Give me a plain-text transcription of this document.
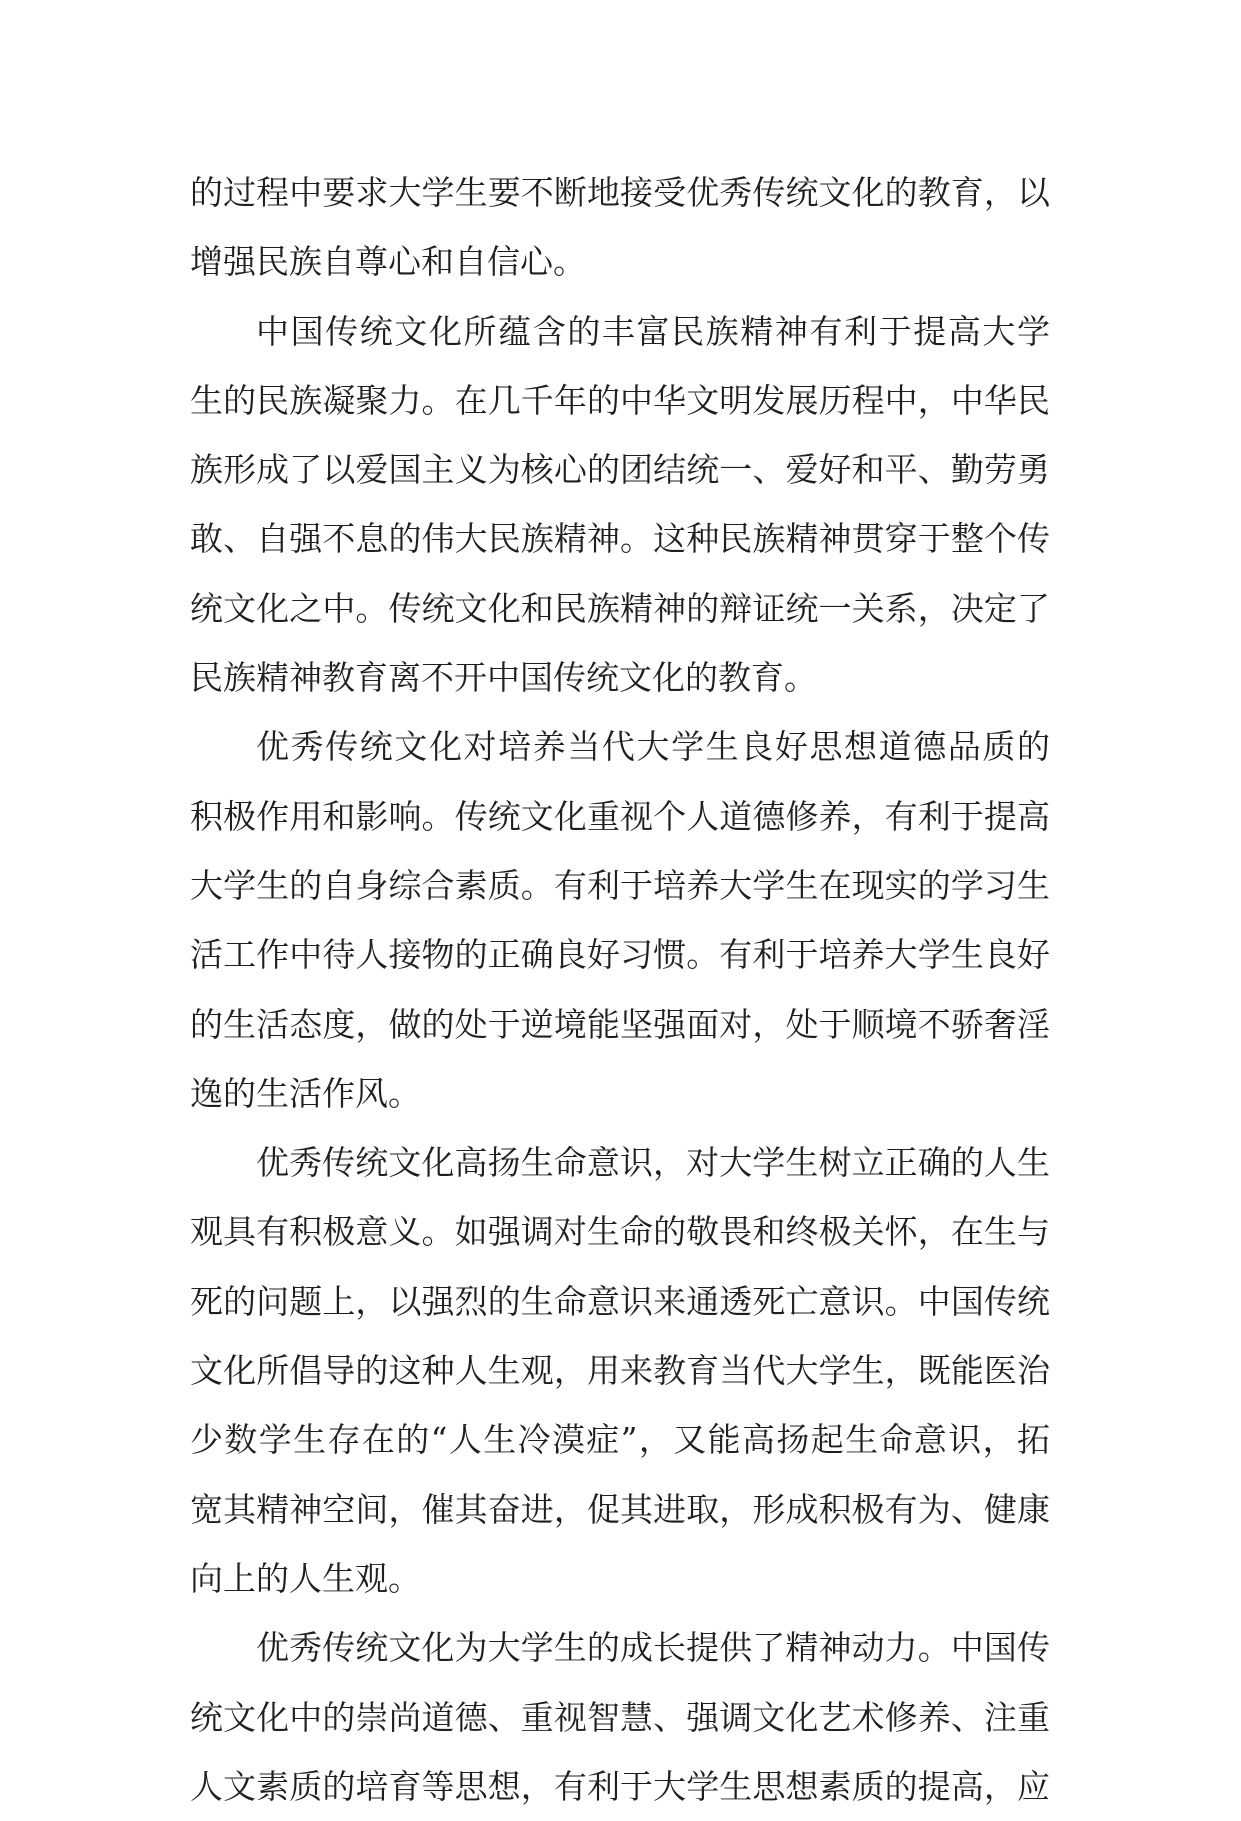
的过程中要求大学生要不断地接受优秀传统文化的教育，以
增强民族自尊心和自信心。
中国传统文化所蕴含的丰富民族精神有利于提高大学
生的民族凝聚力。在几千年的中华文明发展历程中，中华民
族形成了以爱国主义为核心的团结统一、爱好和平、勤劳勇
敢、自强不息的伟大民族精神。这种民族精神贯穿于整个传
统文化之中。传统文化和民族精神的辩证统一关系，决定了
民族精神教育离不开中国传统文化的教育。
优秀传统文化对培养当代大学生良好思想道德品质的
积极作用和影响。传统文化重视个人道德修养，有利于提高
大学生的自身综合素质。有利于培养大学生在现实的学习生
活工作中待人接物的正确良好习惯。有利于培养大学生良好
的生活态度，做的处于逆境能坚强面对，处于顺境不骄奢淫
逸的生活作风。
优秀传统文化高扬生命意识，对大学生树立正确的人生
观具有积极意义。如强调对生命的敬畏和终极关怀，在生与
死的问题上，以强烈的生命意识来通透死亡意识。中国传统
文化所倡导的这种人生观，用来教育当代大学生，既能医治
少数学生存在的“人生冷漠症”，又能高扬起生命意识，拓
宽其精神空间，催其奋进，促其进取，形成积极有为、健康
向上的人生观。
优秀传统文化为大学生的成长提供了精神动力。中国传
统文化中的崇尚道德、重视智慧、强调文化艺术修养、注重
人文素质的培育等思想，有利于大学生思想素质的提高，应
